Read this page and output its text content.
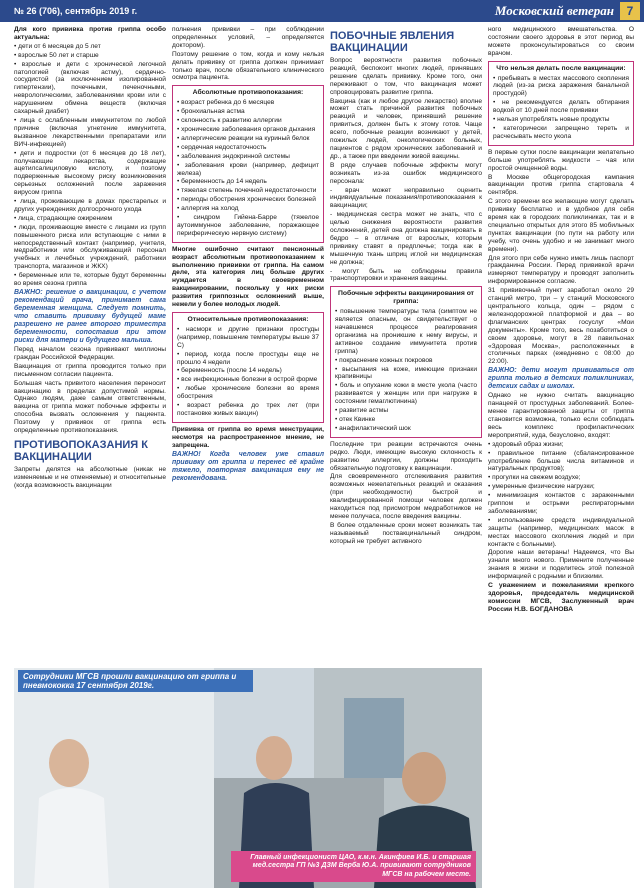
№ 26 (706), сентябрь 2019 г.	Московский ветеран	7

Для кого прививка против гриппа особо актуальна:

• дети от 6 месяцев до 5 лет

• взрослые 50 лет и старше

• взрослые и дети с хронической легочной патологией (включая астму), сердечно-сосудистой (за исключением изолированной гипертензии), почечными, печеночными, неврологическими, заболеваниями крови или с нарушением обмена веществ (включая сахарный диабет)

• лица с ослабленным иммунитетом по любой причине (включая угнетение иммунитета, вызванное лекарственными препаратами или ВИЧ-инфекцией)

• дети и подростки (от 6 месяцев до 18 лет), получающие лекарства, содержащие ацетилсалициловую кислоту, и поэтому подверженные высокому риску возникновения серьезных осложнений после заражения вирусом гриппа

• лица, проживающие в домах престарелых и других учреждениях долгосрочного ухода

• лица, страдающие ожирением

• люди, проживающие вместе с лицами из групп повышенного риска или вступающие с ними в непосредственный контакт (например, учителя, медработники или обслуживающий персонал учебных и лечебных учреждений, работники транспорта, магазинов и ЖКХ)

• беременные или те, которые будут беременны во время сезона гриппа

ВАЖНО: решение о вакцинации, с учетом рекомендаций врача, принимает сама беременная женщина. Следует помнить, что ставить прививку будущей маме разрешено не ранее второго триместра беременности, сопоставив при этом риски для матери и будущего малыша.

Перед началом сезона прививают миллионы граждан Российской Федерации.

Вакцинация от гриппа проводится только при письменном согласии пациента.

Большая часть привитого населения переносит вакцинацию в пределах допустимой нормы. Однако людям, даже самым ответственным, вакцина от гриппа может побочные эффекты и способна вызвать осложнения у пациента. Поэтому у прививок от гриппа есть определенные противопоказания.

ПРОТИВОПОКАЗАНИЯ К ВАКЦИНАЦИИ

Запреты делятся на абсолютные (никак не изменяемые и не отменяемые) и относительные (когда возможность вакцинации

полнения прививки – при соблюдении определенных условий, – определяется доктором).

Поэтому решение о том, когда и кому нельзя делать прививку от гриппа должен принимает только врач, после обязательного клинического осмотра пациента.

Абсолютные противопоказания:

• возраст ребенка до 6 месяцев

• бронхиальная астма

• склонность к развитию аллергии

• хронические заболевания органов дыхания

• аллергические реакции на куриный белок

• сердечная недостаточность

• заболевания эндокринной системы

• заболевания крови (например, дефицит железа)

• беременность до 14 недель

• тяжелая степень почечной недостаточности

• периоды обострения хронических болезней

• аллергия на холод

• синдром Гийена-Барре (тяжелое аутоиммунное заболевание, поражающее периферическую нервную систему)

Многие ошибочно считают пенсионный возраст абсолютным противопоказанием к выполнению прививки от гриппа. На самом деле, эта категория лиц больше других нуждается в своевременном вакцинировании, поскольку у них риски развития гриппозных осложнений выше, нежели у более молодых людей.

Относительные противопоказания:

• насморк и другие признаки простуды (например, повышение температуры выше 37 С)

• период, когда после простуды еще не прошло 4 недели

• беременность (после 14 недель)

• все инфекционные болезни в острой форме

• любые хронические болезни во время обострения

• возраст ребенка до трех лет (при постановке живых вакцин)

Прививка от гриппа во время менструации, несмотря на распространенное мнение, не запрещена.

ВАЖНО! Когда человек уже ставил прививку от гриппа и перенес её крайне тяжело, повторная вакцинация ему не рекомендована.

ПОБОЧНЫЕ ЯВЛЕНИЯ ВАКЦИНАЦИИ

Вопрос вероятности развития побочных реакций, беспокоит многих людей, принявших решение сделать прививку. Кроме того, они переживают о том, что вакцинация может спровоцировать развитие гриппа.

Вакцина (как и любое другое лекарство) вполне может стать причиной развития побочных реакций и человек, принявший решение привиться, должен быть к этому готов. Чаще всего, побочные реакции возникают у детей, пожилых людей, онкологических больных, пациентов с рядом хронических заболеваний и др., а также при введении живой вакцины.

В ряде случаев побочные эффекты могут возникать из-за ошибок медицинского персонала:

- врач может неправильно оценить индивидуальные показания/противопоказания к вакцинации;

- медицинская сестра может не знать, что с целью снижения вероятности развития осложнений, детей она должна вакцинировать в бедро – в отличие от взрослых, которым прививку ставят в предплечье; тогда как в мышечную ткань шприц иглой ни медицинская не должна;

- могут быть не соблюдены правила транспортировки и хранения вакцины.

Побочные эффекты вакцинирования от гриппа:

• повышение температуры тела (симптом не является опасным, он свидетельствует о начавшемся процессе реагирования организма на проникшие к нему вирусы, и активное создание иммунитета против гриппа)

• покраснение кожных покровов

• высыпания на коже, имеющие признаки крапивницы

• боль и опухание кожи в месте укола (часто развивается у женщин или при нагрузке в состоянии гемаглютинина)

• развитие астмы

• отек Квинке

• анафилактический шок

Последние три реакции встречаются очень редко. Люди, имеющие высокую склонность к развитию аллергии, должны проходить обязательную подготовку к вакцинации.

Для своевременного отслеживания развития возможных нежелательных реакций и оказания (при необходимости) быстрой и квалифицированной помощи человек должен находиться под присмотром медработников не менее получаса, после введения вакцины.

В более отдаленные сроки может возникать так называемый поствакцинальный синдром, который не требует активного

ного медицинского вмешательства. О состоянии своего здоровья в этот период вы можете проконсультироваться со своим врачом.

Что нельзя делать после вакцинации:

• пребывать в местах массового скопления людей (из-за риска заражения банальной простудой)

• не рекомендуется делать обтирания водкой от 10 дней после прививки

• нельзя употреблять новые продукты

• категорически запрещено тереть и расчесывать место укола

В первые сутки после вакцинации желательно больше употреблять жидкости – чая или простой очищенной воды.

В Москве общегородская кампания вакцинации против гриппа стартовала 4 сентября.

С этого времени все желающие могут сделать прививку бесплатно и в удобное для себя время как в городских поликлиниках, так и в специально открытых для этого 85 мобильных пунктах вакцинации (по пути на работу или учебу, что очень удобно и не занимает много времени).

Для этого при себе нужно иметь лишь паспорт гражданина России. Перед прививкой врачи измеряют температуру и проводят заполнить информированное согласие.

31 прививочный пункт заработал около 29 станций метро, три – у станций Московского центрального кольца, один – рядом с железнодорожной платформой и два – во флагманских центрах госуслуг «Мои документы». Кроме того, весь позаботиться о своем здоровье, могут в 28 павильонах «Здоровая Москва», расположенных в столичных парках (ежедневно с 08:00 до 22:00).

ВАЖНО: дети могут прививаться от гриппа только в детских поликлиниках, детских садах и школах.

Однако не нужно считать вакцинацию панацеей от простудных заболеваний. Более-менее гарантированной защиты от гриппа становится возможна, только если соблюдать весь комплекс профилактических мероприятий, куда, безусловно, входят:

• здоровый образ жизни;

• правильное питание (сбалансированное употребление больше числа витаминов и натуральных продуктов);

• прогулки на свежем воздухе;

• умеренные физические нагрузки;

• минимизация контактов с зараженными гриппом и острыми респираторными заболеваниями;

• использование средств индивидуальной защиты (например, медицинских масок в местах массового скопления людей и при контакте с больными).

Дорогие наши ветераны! Надеемся, что Вы узнали много нового. Примените полученные знания в жизни и поделитесь этой полезной информацией с родными и близкими.

С уважением и пожеланиями крепкого здоровья, председатель медицинской комиссии МГСВ, Заслуженный врач России Н.В. БОГДАНОВА

Сотрудники МГСВ прошли вакцинацию от гриппа и пневмококка 17 сентября 2019г.
Главный инфекционист ЦАО, к.м.н. Акинфиев И.Б. и старшая мед.сестра ГП №3 ДЗМ Верба Ю.А. прививают сотрудников МГСВ на рабочем месте.
